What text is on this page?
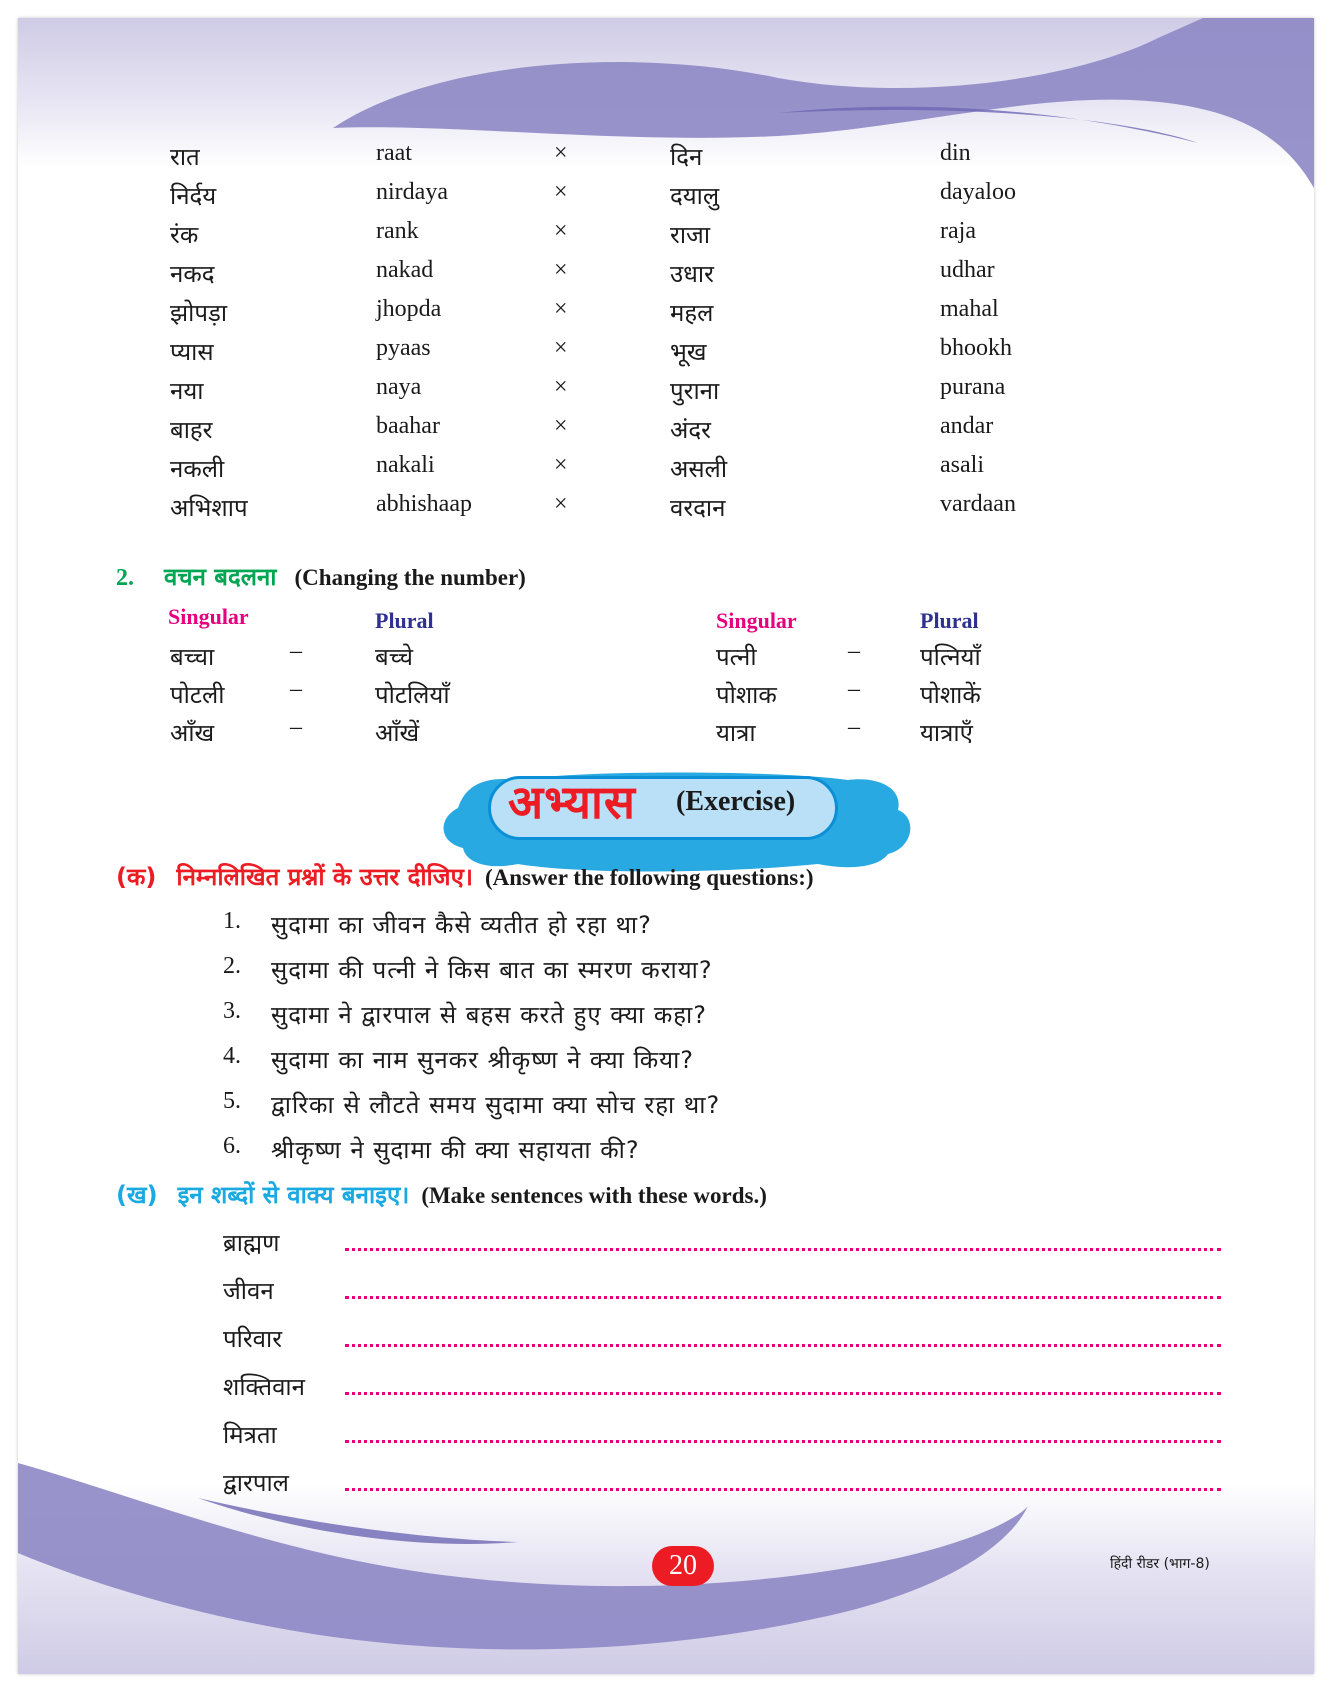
अभ्यास (Exercise)
रात	raat	×	दिन	din
निर्दय	nirdaya	×	दयालु	dayaloo
रंक	rank	×	राजा	raja
नकद	nakad	×	उधार	udhar
झोपड़ा	jhopda	×	महल	mahal
प्यास	pyaas	×	भूख	bhookh
नया	naya	×	पुराना	purana
बाहर	baahar	×	अंदर	andar
नकली	nakali	×	असली	asali
अभिशाप	abhishaap	×	वरदान	vardaan
2. वचन बदलना (Changing the number)
Singular	Plural	Singular	Plural
बच्चा	–	बच्चे	पत्नी	–	पत्नियाँ
पोटली	–	पोटलियाँ	पोशाक	–	पोशाकें
आँख	–	आँखें	यात्रा	–	यात्राएँ
(क) निम्नलिखित प्रश्नों के उत्तर दीजिए। (Answer the following questions:)
1. सुदामा का जीवन कैसे व्यतीत हो रहा था?
2. सुदामा की पत्नी ने किस बात का स्मरण कराया?
3. सुदामा ने द्वारपाल से बहस करते हुए क्या कहा?
4. सुदामा का नाम सुनकर श्रीकृष्ण ने क्या किया?
5. द्वारिका से लौटते समय सुदामा क्या सोच रहा था?
6. श्रीकृष्ण ने सुदामा की क्या सहायता की?
(ख) इन शब्दों से वाक्य बनाइए। (Make sentences with these words.)
ब्राह्मण
जीवन
परिवार
शक्तिवान
मित्रता
द्वारपाल
20	हिंदी रीडर (भाग-8)
